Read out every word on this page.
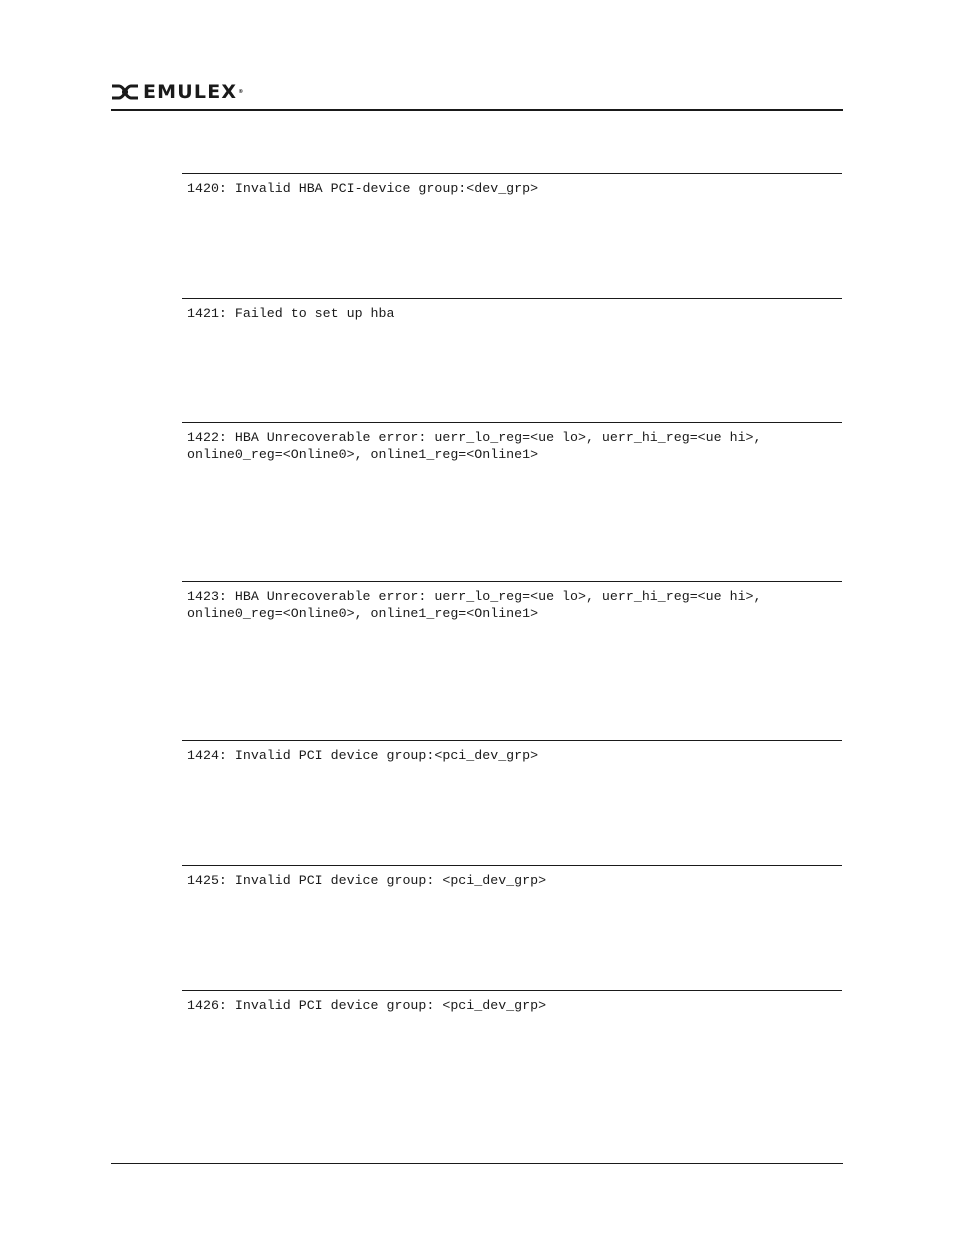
EMULEX®
1420: Invalid HBA PCI-device group:<dev_grp>
1421: Failed to set up hba
1422: HBA Unrecoverable error: uerr_lo_reg=<ue lo>, uerr_hi_reg=<ue hi>,
online0_reg=<Online0>, online1_reg=<Online1>
1423: HBA Unrecoverable error: uerr_lo_reg=<ue lo>, uerr_hi_reg=<ue hi>,
online0_reg=<Online0>, online1_reg=<Online1>
1424: Invalid PCI device group:<pci_dev_grp>
1425: Invalid PCI device group: <pci_dev_grp>
1426: Invalid PCI device group: <pci_dev_grp>
